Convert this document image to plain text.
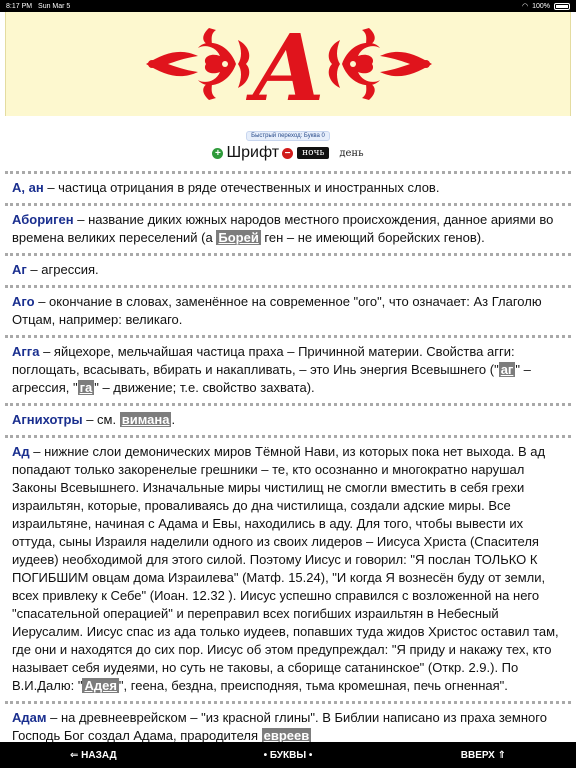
8:17 PM Sun Mar 5	◠ 100%
А
Быстрый переход: Буква 0
+ Шрифт −	ночь	день
А, ан – частица отрицания в ряде отечественных и иностранных слов.
Абориген – название диких южных народов местного происхождения, данное ариями во времена великих переселений (а Борей ген – не имеющий борейских генов).
Аг – агрессия.
Аго – окончание в словах, заменённое на современное "ого", что означает: Аз Глаголю Отцам, например: великаго.
Агга – яйцехоре, мельчайшая частица праха – Причинной материи. Свойства агги: поглощать, всасывать, вбирать и накапливать, – это Инь энергия Всевышнего (" аг " – агрессия, " га " – движение; т.е. свойство захвата).
Агнихотры – см. вимана .
Ад – нижние слои демонических миров Тёмной Нави, из которых пока нет выхода. В ад попадают только закоренелые грешники – те, кто осознанно и многократно нарушал Законы Всевышнего. Изначальные миры чистилищ не смогли вместить в себя грехи израильтян, которые, проваливаясь до дна чистилища, создали адские миры. Все израильтяне, начиная с Адама и Евы, находились в аду. Для того, чтобы вывести их оттуда, сыны Израиля наделили одного из своих лидеров – Иисуса Христа (Спасителя иудеев) необходимой для этого силой. Поэтому Иисус и говорил: "Я послан ТОЛЬКО К ПОГИБШИМ овцам дома Израилева" (Матф. 15.24), "И когда Я вознесён буду от земли, всех привлеку к Себе" (Иоан. 12.32 ). Иисус успешно справился с возложенной на него "спасательной операцией" и переправил всех погибших израильтян в Небесный Иерусалим. Иисус спас из ада только иудеев, попавших туда жидов Христос оставил там, где они и находятся до сих пор. Иисус об этом предупреждал: "Я приду и накажу тех, кто называет себя иудеями, но суть не таковы, а сборище сатанинское" (Откр. 2.9.). По В.И.Далю: " Адея ", геена, бездна, преисподняя, тьма кромешная, печь огненная".
Адам – на древнееврейском – "из красной глины". В Библии написано из праха земного Господь Бог создал Адама, прародителя евреев
⇐ НАЗАД	• БУКВЫ •	ВВЕРХ ⇑
